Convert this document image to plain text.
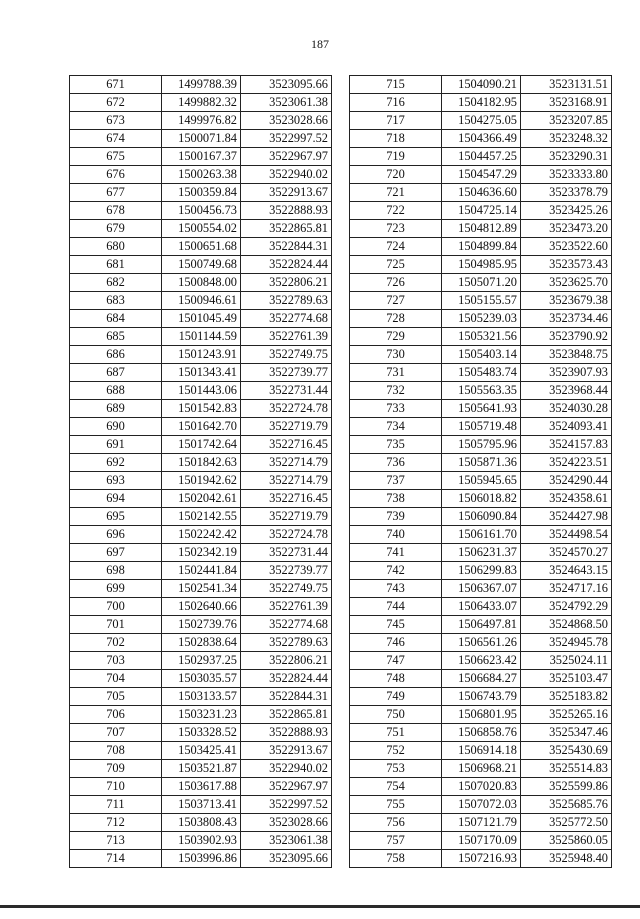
187
671	1499788.39	3523095.66
672	1499882.32	3523061.38
673	1499976.82	3523028.66
674	1500071.84	3522997.52
675	1500167.37	3522967.97
676	1500263.38	3522940.02
677	1500359.84	3522913.67
678	1500456.73	3522888.93
679	1500554.02	3522865.81
680	1500651.68	3522844.31
681	1500749.68	3522824.44
682	1500848.00	3522806.21
683	1500946.61	3522789.63
684	1501045.49	3522774.68
685	1501144.59	3522761.39
686	1501243.91	3522749.75
687	1501343.41	3522739.77
688	1501443.06	3522731.44
689	1501542.83	3522724.78
690	1501642.70	3522719.79
691	1501742.64	3522716.45
692	1501842.63	3522714.79
693	1501942.62	3522714.79
694	1502042.61	3522716.45
695	1502142.55	3522719.79
696	1502242.42	3522724.78
697	1502342.19	3522731.44
698	1502441.84	3522739.77
699	1502541.34	3522749.75
700	1502640.66	3522761.39
701	1502739.76	3522774.68
702	1502838.64	3522789.63
703	1502937.25	3522806.21
704	1503035.57	3522824.44
705	1503133.57	3522844.31
706	1503231.23	3522865.81
707	1503328.52	3522888.93
708	1503425.41	3522913.67
709	1503521.87	3522940.02
710	1503617.88	3522967.97
711	1503713.41	3522997.52
712	1503808.43	3523028.66
713	1503902.93	3523061.38
714	1503996.86	3523095.66
715	1504090.21	3523131.51
716	1504182.95	3523168.91
717	1504275.05	3523207.85
718	1504366.49	3523248.32
719	1504457.25	3523290.31
720	1504547.29	3523333.80
721	1504636.60	3523378.79
722	1504725.14	3523425.26
723	1504812.89	3523473.20
724	1504899.84	3523522.60
725	1504985.95	3523573.43
726	1505071.20	3523625.70
727	1505155.57	3523679.38
728	1505239.03	3523734.46
729	1505321.56	3523790.92
730	1505403.14	3523848.75
731	1505483.74	3523907.93
732	1505563.35	3523968.44
733	1505641.93	3524030.28
734	1505719.48	3524093.41
735	1505795.96	3524157.83
736	1505871.36	3524223.51
737	1505945.65	3524290.44
738	1506018.82	3524358.61
739	1506090.84	3524427.98
740	1506161.70	3524498.54
741	1506231.37	3524570.27
742	1506299.83	3524643.15
743	1506367.07	3524717.16
744	1506433.07	3524792.29
745	1506497.81	3524868.50
746	1506561.26	3524945.78
747	1506623.42	3525024.11
748	1506684.27	3525103.47
749	1506743.79	3525183.82
750	1506801.95	3525265.16
751	1506858.76	3525347.46
752	1506914.18	3525430.69
753	1506968.21	3525514.83
754	1507020.83	3525599.86
755	1507072.03	3525685.76
756	1507121.79	3525772.50
757	1507170.09	3525860.05
758	1507216.93	3525948.40
